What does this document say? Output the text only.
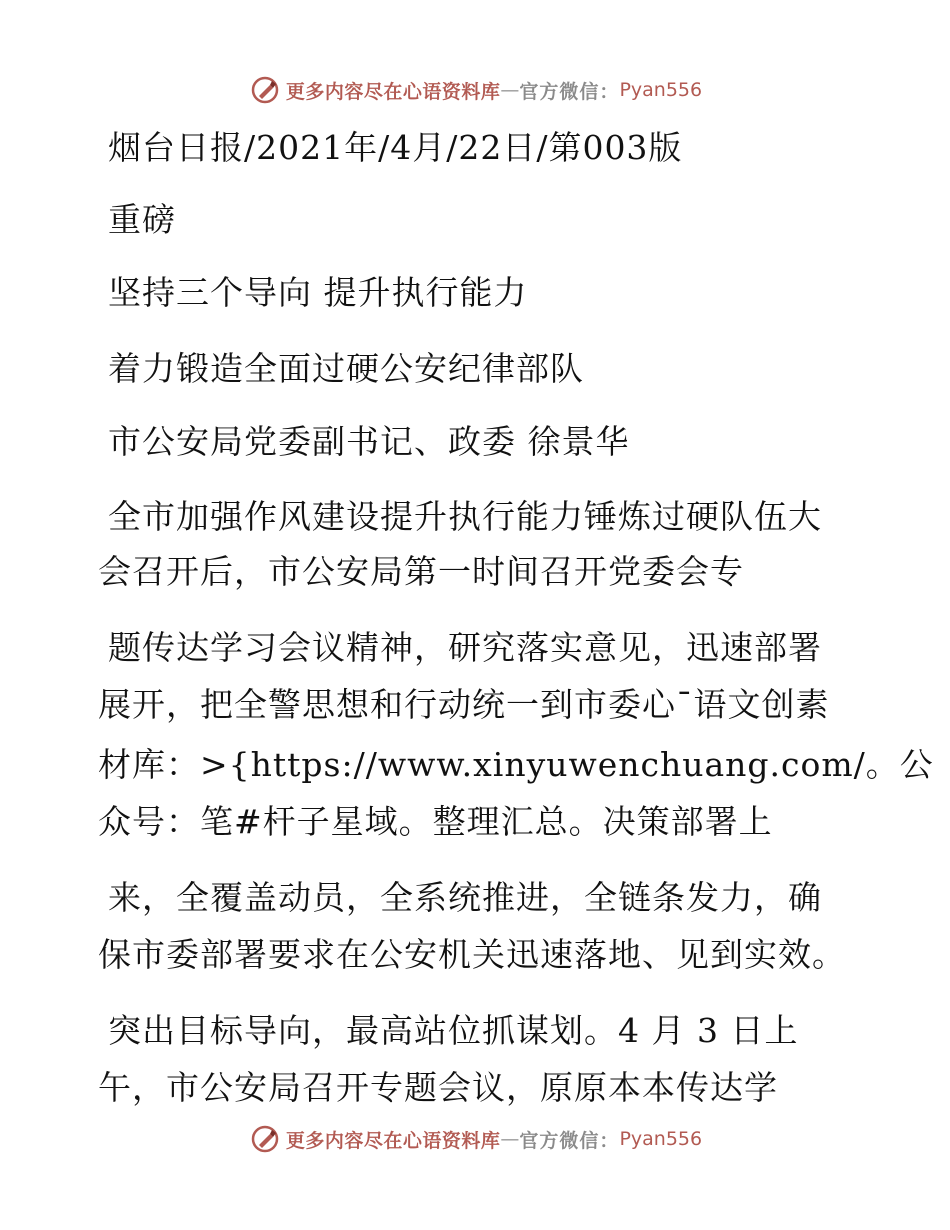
更多内容尽在心语资料库 — 官方微信： Pyan556
烟台日报/2021年/4月/22日/第003版
重磅
坚持三个导向 提升执行能力
着力锻造全面过硬公安纪律部队
市公安局党委副书记、政委 徐景华
全市加强作风建设提升执行能力锤炼过硬队伍大
会召开后，市公安局第一时间召开党委会专
题传达学习会议精神，研究落实意见，迅速部署
展开，把全警思想和行动统一到市委心¯语文创素
材库：>{https://www.xinyuwenchuang.com/。公
众号：笔#杆子星域。整理汇总。决策部署上
来，全覆盖动员，全系统推进，全链条发力，确
保市委部署要求在公安机关迅速落地、见到实效。
突出目标导向，最高站位抓谋划。4 月 3 日上
午，市公安局召开专题会议，原原本本传达学
更多内容尽在心语资料库 — 官方微信： Pyan556
